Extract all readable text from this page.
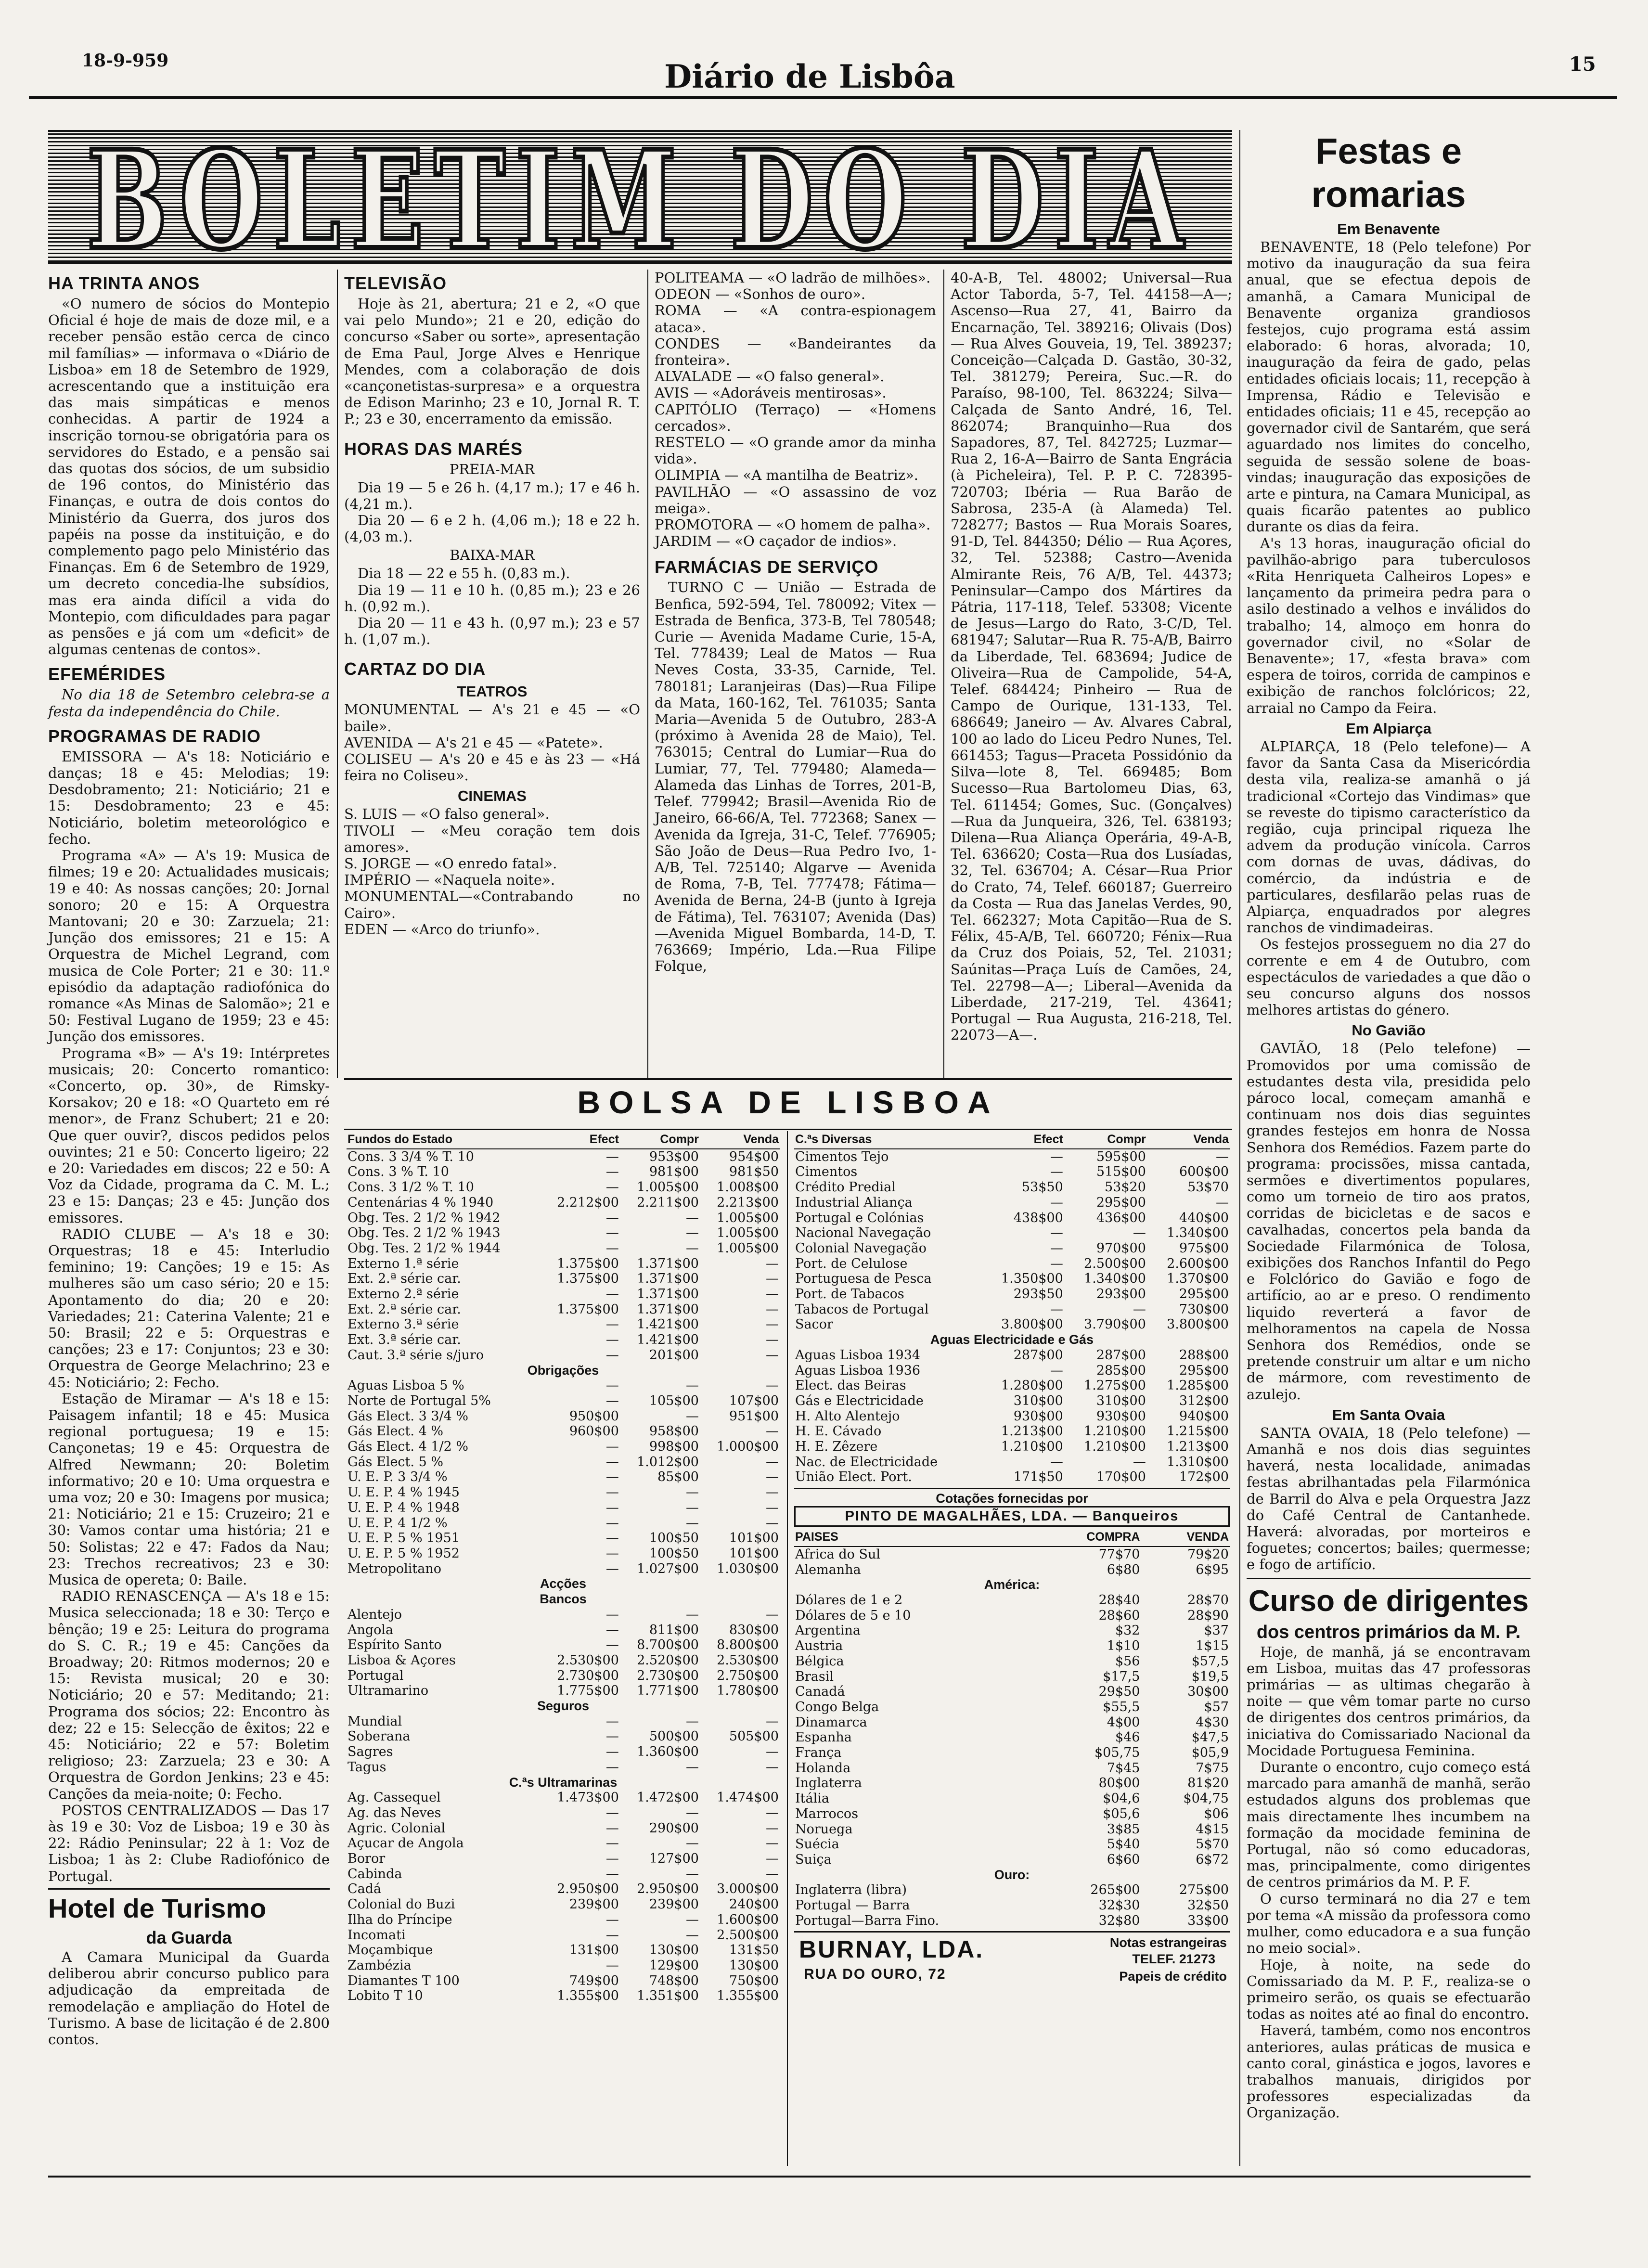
18-9-959	Diário de Lisbôa	15
BOLETIM DO DIA
HA TRINTA ANOS

«O numero de sócios do Montepio Oficial é hoje de mais de doze mil, e a receber pensão estão cerca de cinco mil famílias» — informava o «Diário de Lisboa» em 18 de Setembro de 1929, acrescentando que a instituição era das mais simpáticas e menos conhecidas. A partir de 1924 a inscrição tornou-se obrigatória para os servidores do Estado, e a pensão sai das quotas dos sócios, de um subsidio de 196 contos, do Ministério das Finanças, e outra de dois contos do Ministério da Guerra, dos juros dos papéis na posse da instituição, e do complemento pago pelo Ministério das Finanças. Em 6 de Setembro de 1929, um decreto concedia-lhe subsídios, mas era ainda difícil a vida do Montepio, com dificuldades para pagar as pensões e já com um «deficit» de algumas centenas de contos».

EFEMÉRIDES

No dia 18 de Setembro celebra-se a festa da independência do Chile.

PROGRAMAS DE RADIO

EMISSORA — A's 18: Noticiário e danças; 18 e 45: Melodias; 19: Desdobramento; 21: Noticiário; 21 e 15: Desdobramento; 23 e 45: Noticiário, boletim meteorológico e fecho.

Programa «A» — A's 19: Musica de filmes; 19 e 20: Actualidades musicais; 19 e 40: As nossas canções; 20: Jornal sonoro; 20 e 15: A Orquestra Mantovani; 20 e 30: Zarzuela; 21: Junção dos emissores; 21 e 15: A Orquestra de Michel Legrand, com musica de Cole Porter; 21 e 30: 11.º episódio da adaptação radiofónica do romance «As Minas de Salomão»; 21 e 50: Festival Lugano de 1959; 23 e 45: Junção dos emissores.

Programa «B» — A's 19: Intérpretes musicais; 20: Concerto romantico: «Concerto, op. 30», de Rimsky-Korsakov; 20 e 18: «O Quarteto em ré menor», de Franz Schubert; 21 e 20: Que quer ouvir?, discos pedidos pelos ouvintes; 21 e 50: Concerto ligeiro; 22 e 20: Variedades em discos; 22 e 50: A Voz da Cidade, programa da C. M. L.; 23 e 15: Danças; 23 e 45: Junção dos emissores.

RADIO CLUBE — A's 18 e 30: Orquestras; 18 e 45: Interludio feminino; 19: Canções; 19 e 15: As mulheres são um caso sério; 20 e 15: Apontamento do dia; 20 e 20: Variedades; 21: Caterina Valente; 21 e 50: Brasil; 22 e 5: Orquestras e canções; 23 e 17: Conjuntos; 23 e 30: Orquestra de George Melachrino; 23 e 45: Noticiário; 2: Fecho.

Estação de Miramar — A's 18 e 15: Paisagem infantil; 18 e 45: Musica regional portuguesa; 19 e 15: Cançonetas; 19 e 45: Orquestra de Alfred Newmann; 20: Boletim informativo; 20 e 10: Uma orquestra e uma voz; 20 e 30: Imagens por musica; 21: Noticiário; 21 e 15: Cruzeiro; 21 e 30: Vamos contar uma história; 21 e 50: Solistas; 22 e 47: Fados da Nau; 23: Trechos recreativos; 23 e 30: Musica de opereta; 0: Baile.

RADIO RENASCENÇA — A's 18 e 15: Musica seleccionada; 18 e 30: Terço e bênção; 19 e 25: Leitura do programa do S. C. R.; 19 e 45: Canções da Broadway; 20: Ritmos modernos; 20 e 15: Revista musical; 20 e 30: Noticiário; 20 e 57: Meditando; 21: Programa dos sócios; 22: Encontro às dez; 22 e 15: Selecção de êxitos; 22 e 45: Noticiário; 22 e 57: Boletim religioso; 23: Zarzuela; 23 e 30: A Orquestra de Gordon Jenkins; 23 e 45: Canções da meia-noite; 0: Fecho.

POSTOS CENTRALIZADOS — Das 17 às 19 e 30: Voz de Lisboa; 19 e 30 às 22: Rádio Peninsular; 22 à 1: Voz de Lisboa; 1 às 2: Clube Radiofónico de Portugal.

Hotel de Turismo
da Guarda

A Camara Municipal da Guarda deliberou abrir concurso publico para adjudicação da empreitada de remodelação e ampliação do Hotel de Turismo. A base de licitação é de 2.800 contos.

TELEVISÃO

Hoje às 21, abertura; 21 e 2, «O que vai pelo Mundo»; 21 e 20, edição do concurso «Saber ou sorte», apresentação de Ema Paul, Jorge Alves e Henrique Mendes, com a colaboração de dois «cançonetistas-surpresa» e a orquestra de Edison Marinho; 23 e 10, Jornal R. T. P.; 23 e 30, encerramento da emissão.

HORAS DAS MARÉS
PREIA-MAR

Dia 19 — 5 e 26 h. (4,17 m.); 17 e 46 h. (4,21 m.).

Dia 20 — 6 e 2 h. (4,06 m.); 18 e 22 h. (4,03 m.).

BAIXA-MAR

Dia 18 — 22 e 55 h. (0,83 m.).

Dia 19 — 11 e 10 h. (0,85 m.); 23 e 26 h. (0,92 m.).

Dia 20 — 11 e 43 h. (0,97 m.); 23 e 57 h. (1,07 m.).

CARTAZ DO DIA
TEATROS

MONUMENTAL — A's 21 e 45 — «O baile».

AVENIDA — A's 21 e 45 — «Patete».

COLISEU — A's 20 e 45 e às 23 — «Há feira no Coliseu».

CINEMAS

S. LUIS — «O falso general».

TIVOLI — «Meu coração tem dois amores».

S. JORGE — «O enredo fatal».

IMPÉRIO — «Naquela noite».

MONUMENTAL—«Contrabando no Cairo».

EDEN — «Arco do triunfo».

POLITEAMA — «O ladrão de milhões».

ODEON — «Sonhos de ouro».

ROMA — «A contra-espionagem ataca».

CONDES — «Bandeirantes da fronteira».

ALVALADE — «O falso general».

AVIS — «Adoráveis mentirosas».

CAPITÓLIO (Terraço) — «Homens cercados».

RESTELO — «O grande amor da minha vida».

OLIMPIA — «A mantilha de Beatriz».

PAVILHÃO — «O assassino de voz meiga».

PROMOTORA — «O homem de palha».

JARDIM — «O caçador de indios».

FARMÁCIAS DE SERVIÇO

TURNO C — União — Estrada de Benfica, 592-594, Tel. 780092; Vitex — Estrada de Benfica, 373-B, Tel 780548; Curie — Avenida Madame Curie, 15-A, Tel. 778439; Leal de Matos — Rua Neves Costa, 33-35, Carnide, Tel. 780181; Laranjeiras (Das)—Rua Filipe da Mata, 160-162, Tel. 761035; Santa Maria—Avenida 5 de Outubro, 283-A (próximo à Avenida 28 de Maio), Tel. 763015; Central do Lumiar—Rua do Lumiar, 77, Tel. 779480; Alameda—Alameda das Linhas de Torres, 201-B, Telef. 779942; Brasil—Avenida Rio de Janeiro, 66-66/A, Tel. 772368; Sanex — Avenida da Igreja, 31-C, Telef. 776905; São João de Deus—Rua Pedro Ivo, 1-A/B, Tel. 725140; Algarve — Avenida de Roma, 7-B, Tel. 777478; Fátima—Avenida de Berna, 24-B (junto à Igreja de Fátima), Tel. 763107; Avenida (Das)—Avenida Miguel Bombarda, 14-D, T. 763669; Império, Lda.—Rua Filipe Folque,

40-A-B, Tel. 48002; Universal—Rua Actor Taborda, 5-7, Tel. 44158—A—; Ascenso—Rua 27, 41, Bairro da Encarnação, Tel. 389216; Olivais (Dos) — Rua Alves Gouveia, 19, Tel. 389237; Conceição—Calçada D. Gastão, 30-32, Tel. 381279; Pereira, Suc.—R. do Paraíso, 98-100, Tel. 863224; Silva—Calçada de Santo André, 16, Tel. 862074; Branquinho—Rua dos Sapadores, 87, Tel. 842725; Luzmar—Rua 2, 16-A—Bairro de Santa Engrácia (à Picheleira), Tel. P. P. C. 728395-720703; Ibéria — Rua Barão de Sabrosa, 235-A (à Alameda) Tel. 728277; Bastos — Rua Morais Soares, 91-D, Tel. 844350; Délio — Rua Açores, 32, Tel. 52388; Castro—Avenida Almirante Reis, 76 A/B, Tel. 44373; Peninsular—Campo dos Mártires da Pátria, 117-118, Telef. 53308; Vicente de Jesus—Largo do Rato, 3-C/D, Tel. 681947; Salutar—Rua R. 75-A/B, Bairro da Liberdade, Tel. 683694; Judice de Oliveira—Rua de Campolide, 54-A, Telef. 684424; Pinheiro — Rua de Campo de Ourique, 131-133, Tel. 686649; Janeiro — Av. Alvares Cabral, 100 ao lado do Liceu Pedro Nunes, Tel. 661453; Tagus—Praceta Possidónio da Silva—lote 8, Tel. 669485; Bom Sucesso—Rua Bartolomeu Dias, 63, Tel. 611454; Gomes, Suc. (Gonçalves)—Rua da Junqueira, 326, Tel. 638193; Dilena—Rua Aliança Operária, 49-A-B, Tel. 636620; Costa—Rua dos Lusíadas, 32, Tel. 636704; A. César—Rua Prior do Crato, 74, Telef. 660187; Guerreiro da Costa — Rua das Janelas Verdes, 90, Tel. 662327; Mota Capitão—Rua de S. Félix, 45-A/B, Tel. 660720; Fénix—Rua da Cruz dos Poiais, 52, Tel. 21031; Saúnitas—Praça Luís de Camões, 24, Tel. 22798—A—; Liberal—Avenida da Liberdade, 217-219, Tel. 43641; Portugal — Rua Augusta, 216-218, Tel. 22073—A—.

BOLSA DE LISBOA
Fundos do Estado	Efect	Compr	Venda
Cons. 3 3/4 % T. 10	—	953$00	954$00
Cons. 3 % T. 10	—	981$00	981$50
Cons. 3 1/2 % T. 10	—	1.005$00	1.008$00
Centenárias 4 % 1940	2.212$00	2.211$00	2.213$00
Obg. Tes. 2 1/2 % 1942	—	—	1.005$00
Obg. Tes. 2 1/2 % 1943	—	—	1.005$00
Obg. Tes. 2 1/2 % 1944	—	—	1.005$00
Externo 1.ª série	1.375$00	1.371$00	—
Ext. 2.ª série car.	1.375$00	1.371$00	—
Externo 2.ª série	—	1.371$00	—
Ext. 2.ª série car.	1.375$00	1.371$00	—
Externo 3.ª série	—	1.421$00	—
Ext. 3.ª série car.	—	1.421$00	—
Caut. 3.ª série s/juro	—	201$00	—
Obrigações			
Aguas Lisboa 5 %	—	—	—
Norte de Portugal 5%	—	105$00	107$00
Gás Elect. 3 3/4 %	950$00	—	951$00
Gás Elect. 4 %	960$00	958$00	—
Gás Elect. 4 1/2 %	—	998$00	1.000$00
Gás Elect. 5 %	—	1.012$00	—
U. E. P. 3 3/4 %	—	85$00	—
U. E. P. 4 % 1945	—	—	—
U. E. P. 4 % 1948	—	—	—
U. E. P. 4 1/2 %	—	—	—
U. E. P. 5 % 1951	—	100$50	101$00
U. E. P. 5 % 1952	—	100$50	101$00
Metropolitano	—	1.027$00	1.030$00
Acções			
Bancos			
Alentejo	—	—	—
Angola	—	811$00	830$00
Espírito Santo	—	8.700$00	8.800$00
Lisboa & Açores	2.530$00	2.520$00	2.530$00
Portugal	2.730$00	2.730$00	2.750$00
Ultramarino	1.775$00	1.771$00	1.780$00
Seguros			
Mundial	—	—	—
Soberana	—	500$00	505$00
Sagres	—	1.360$00	—
Tagus	—	—	—
C.ªs Ultramarinas			
Ag. Cassequel	1.473$00	1.472$00	1.474$00
Ag. das Neves	—	—	—
Agric. Colonial	—	290$00	—
Açucar de Angola	—	—	—
Boror	—	127$00	—
Cabinda	—	—	—
Cadá	2.950$00	2.950$00	3.000$00
Colonial do Buzi	239$00	239$00	240$00
Ilha do Príncipe	—	—	1.600$00
Incomati	—	—	2.500$00
Moçambique	131$00	130$00	131$50
Zambézia	—	129$00	130$00
Diamantes T 100	749$00	748$00	750$00
Lobito T 10	1.355$00	1.351$00	1.355$00
C.ªs Diversas	Efect	Compr	Venda
Cimentos Tejo	—	595$00	—
Cimentos	—	515$00	600$00
Crédito Predial	53$50	53$20	53$70
Industrial Aliança	—	295$00	—
Portugal e Colónias	438$00	436$00	440$00
Nacional Navegação	—	—	1.340$00
Colonial Navegação	—	970$00	975$00
Port. de Celulose	—	2.500$00	2.600$00
Portuguesa de Pesca	1.350$00	1.340$00	1.370$00
Port. de Tabacos	293$50	293$00	295$00
Tabacos de Portugal	—	—	730$00
Sacor	3.800$00	3.790$00	3.800$00
Aguas Electricidade e Gás			
Aguas Lisboa 1934	287$00	287$00	288$00
Aguas Lisboa 1936	—	285$00	295$00
Elect. das Beiras	1.280$00	1.275$00	1.285$00
Gás e Electricidade	310$00	310$00	312$00
H. Alto Alentejo	930$00	930$00	940$00
H. E. Cávado	1.213$00	1.210$00	1.215$00
H. E. Zêzere	1.210$00	1.210$00	1.213$00
Nac. de Electricidade	—	—	1.310$00
União Elect. Port.	171$50	170$00	172$00
Cotações fornecidas por
PINTO DE MAGALHÃES, LDA. — Banqueiros
PAISES	COMPRA	VENDA
Africa do Sul	77$70	79$20
Alemanha	6$80	6$95
América:		
Dólares de 1 e 2	28$40	28$70
Dólares de 5 e 10	28$60	28$90
Argentina	$32	$37
Austria	1$10	1$15
Bélgica	$56	$57,5
Brasil	$17,5	$19,5
Canadá	29$50	30$00
Congo Belga	$55,5	$57
Dinamarca	4$00	4$30
Espanha	$46	$47,5
França	$05,75	$05,9
Holanda	7$45	7$75
Inglaterra	80$00	81$20
Itália	$04,6	$04,75
Marrocos	$05,6	$06
Noruega	3$85	4$15
Suécia	5$40	5$70
Suiça	6$60	6$72
Ouro:		
Inglaterra (libra)	265$00	275$00
Portugal — Barra	32$30	32$50
Portugal—Barra Fino.	32$80	33$00
BURNAY, LDA.
RUA DO OURO, 72
Notas estrangeiras
TELEF. 21273
Papeis de crédito
Festas e romarias
Em Benavente

BENAVENTE, 18 (Pelo telefone) Por motivo da inauguração da sua feira anual, que se efectua depois de amanhã, a Camara Municipal de Benavente organiza grandiosos festejos, cujo programa está assim elaborado: 6 horas, alvorada; 10, inauguração da feira de gado, pelas entidades oficiais locais; 11, recepção à Imprensa, Rádio e Televisão e entidades oficiais; 11 e 45, recepção ao governador civil de Santarém, que será aguardado nos limites do concelho, seguida de sessão solene de boas-vindas; inauguração das exposições de arte e pintura, na Camara Municipal, as quais ficarão patentes ao publico durante os dias da feira.

A's 13 horas, inauguração oficial do pavilhão-abrigo para tuberculosos «Rita Henriqueta Calheiros Lopes» e lançamento da primeira pedra para o asilo destinado a velhos e inválidos do trabalho; 14, almoço em honra do governador civil, no «Solar de Benavente»; 17, «festa brava» com espera de toiros, corrida de campinos e exibição de ranchos folclóricos; 22, arraial no Campo da Feira.

Em Alpiarça

ALPIARÇA, 18 (Pelo telefone)— A favor da Santa Casa da Misericórdia desta vila, realiza-se amanhã o já tradicional «Cortejo das Vindimas» que se reveste do tipismo característico da região, cuja principal riqueza lhe advem da produção vinícola. Carros com dornas de uvas, dádivas, do comércio, da indústria e de particulares, desfilarão pelas ruas de Alpiarça, enquadrados por alegres ranchos de vindimadeiras.

Os festejos prosseguem no dia 27 do corrente e em 4 de Outubro, com espectáculos de variedades a que dão o seu concurso alguns dos nossos melhores artistas do género.

No Gavião

GAVIÃO, 18 (Pelo telefone) — Promovidos por uma comissão de estudantes desta vila, presidida pelo pároco local, começam amanhã e continuam nos dois dias seguintes grandes festejos em honra de Nossa Senhora dos Remédios. Fazem parte do programa: procissões, missa cantada, sermões e divertimentos populares, como um torneio de tiro aos pratos, corridas de bicicletas e de sacos e cavalhadas, concertos pela banda da Sociedade Filarmónica de Tolosa, exibições dos Ranchos Infantil do Pego e Folclórico do Gavião e fogo de artifício, ao ar e preso. O rendimento liquido reverterá a favor de melhoramentos na capela de Nossa Senhora dos Remédios, onde se pretende construir um altar e um nicho de mármore, com revestimento de azulejo.

Em Santa Ovaia

SANTA OVAIA, 18 (Pelo telefone) — Amanhã e nos dois dias seguintes haverá, nesta localidade, animadas festas abrilhantadas pela Filarmónica de Barril do Alva e pela Orquestra Jazz do Café Central de Cantanhede. Haverá: alvoradas, por morteiros e foguetes; concertos; bailes; quermesse; e fogo de artifício.

Curso de dirigentes
dos centros primários da M. P.

Hoje, de manhã, já se encontravam em Lisboa, muitas das 47 professoras primárias — as ultimas chegarão à noite — que vêm tomar parte no curso de dirigentes dos centros primários, da iniciativa do Comissariado Nacional da Mocidade Portuguesa Feminina.

Durante o encontro, cujo começo está marcado para amanhã de manhã, serão estudados alguns dos problemas que mais directamente lhes incumbem na formação da mocidade feminina de Portugal, não só como educadoras, mas, principalmente, como dirigentes de centros primários da M. P. F.

O curso terminará no dia 27 e tem por tema «A missão da professora como mulher, como educadora e a sua função no meio social».

Hoje, à noite, na sede do Comissariado da M. P. F., realiza-se o primeiro serão, os quais se efectuarão todas as noites até ao final do encontro.

Haverá, também, como nos encontros anteriores, aulas práticas de musica e canto coral, ginástica e jogos, lavores e trabalhos manuais, dirigidos por professores especializadas da Organização.
